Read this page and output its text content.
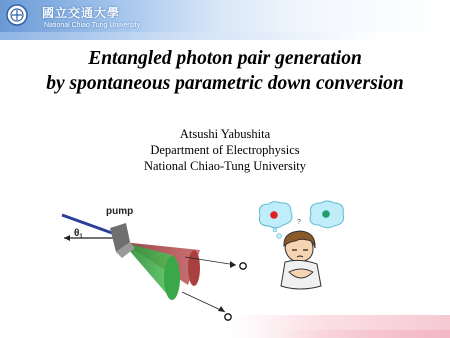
國立交通大學
National Chiao Tung University
Entangled photon pair generation
by spontaneous parametric down conversion
Atsushi Yabushita
Department of Electrophysics
National Chiao-Tung University
pump
$\theta_1$
?
